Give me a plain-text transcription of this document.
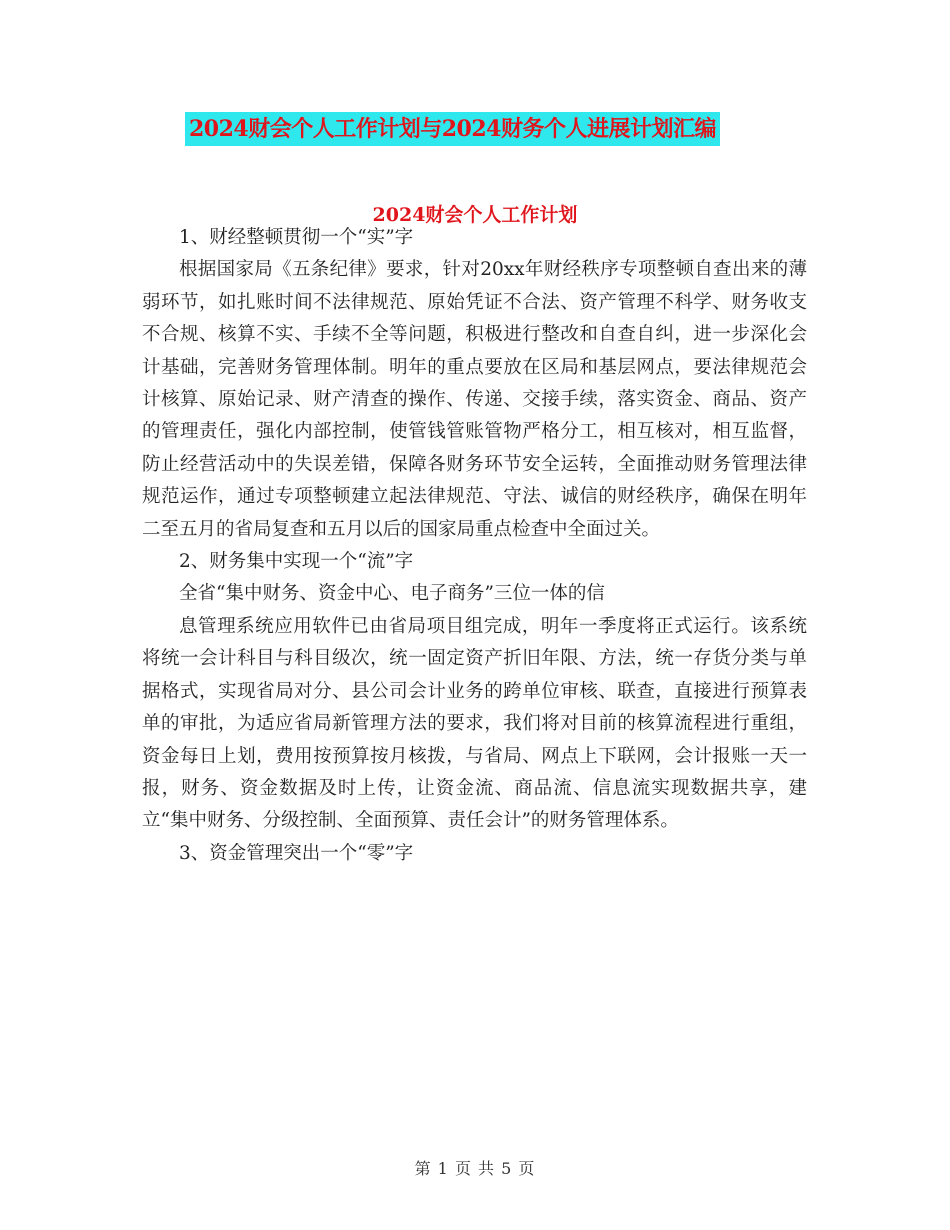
2024财会个人工作计划与2024财务个人进展计划汇编
2024财会个人工作计划

1、财经整顿贯彻一个“实”字

根据国家局《五条纪律》要求，针对20xx年财经秩序专项整顿自查出来的薄弱环节，如扎账时间不法律规范、原始凭证不合法、资产管理不科学、财务收支不合规、核算不实、手续不全等问题，积极进行整改和自查自纠，进一步深化会计基础，完善财务管理体制。明年的重点要放在区局和基层网点，要法律规范会计核算、原始记录、财产清查的操作、传递、交接手续，落实资金、商品、资产的管理责任，强化内部控制，使管钱管账管物严格分工，相互核对，相互监督，防止经营活动中的失误差错，保障各财务环节安全运转，全面推动财务管理法律规范运作，通过专项整顿建立起法律规范、守法、诚信的财经秩序，确保在明年二至五月的省局复查和五月以后的国家局重点检查中全面过关。

2、财务集中实现一个“流”字

全省“集中财务、资金中心、电子商务”三位一体的信

息管理系统应用软件已由省局项目组完成，明年一季度将正式运行。该系统将统一会计科目与科目级次，统一固定资产折旧年限、方法，统一存货分类与单据格式，实现省局对分、县公司会计业务的跨单位审核、联查，直接进行预算表单的审批，为适应省局新管理方法的要求，我们将对目前的核算流程进行重组，资金每日上划，费用按预算按月核拨，与省局、网点上下联网，会计报账一天一报，财务、资金数据及时上传，让资金流、商品流、信息流实现数据共享，建立“集中财务、分级控制、全面预算、责任会计”的财务管理体系。

3、资金管理突出一个“零”字

第 1 页 共 5 页
